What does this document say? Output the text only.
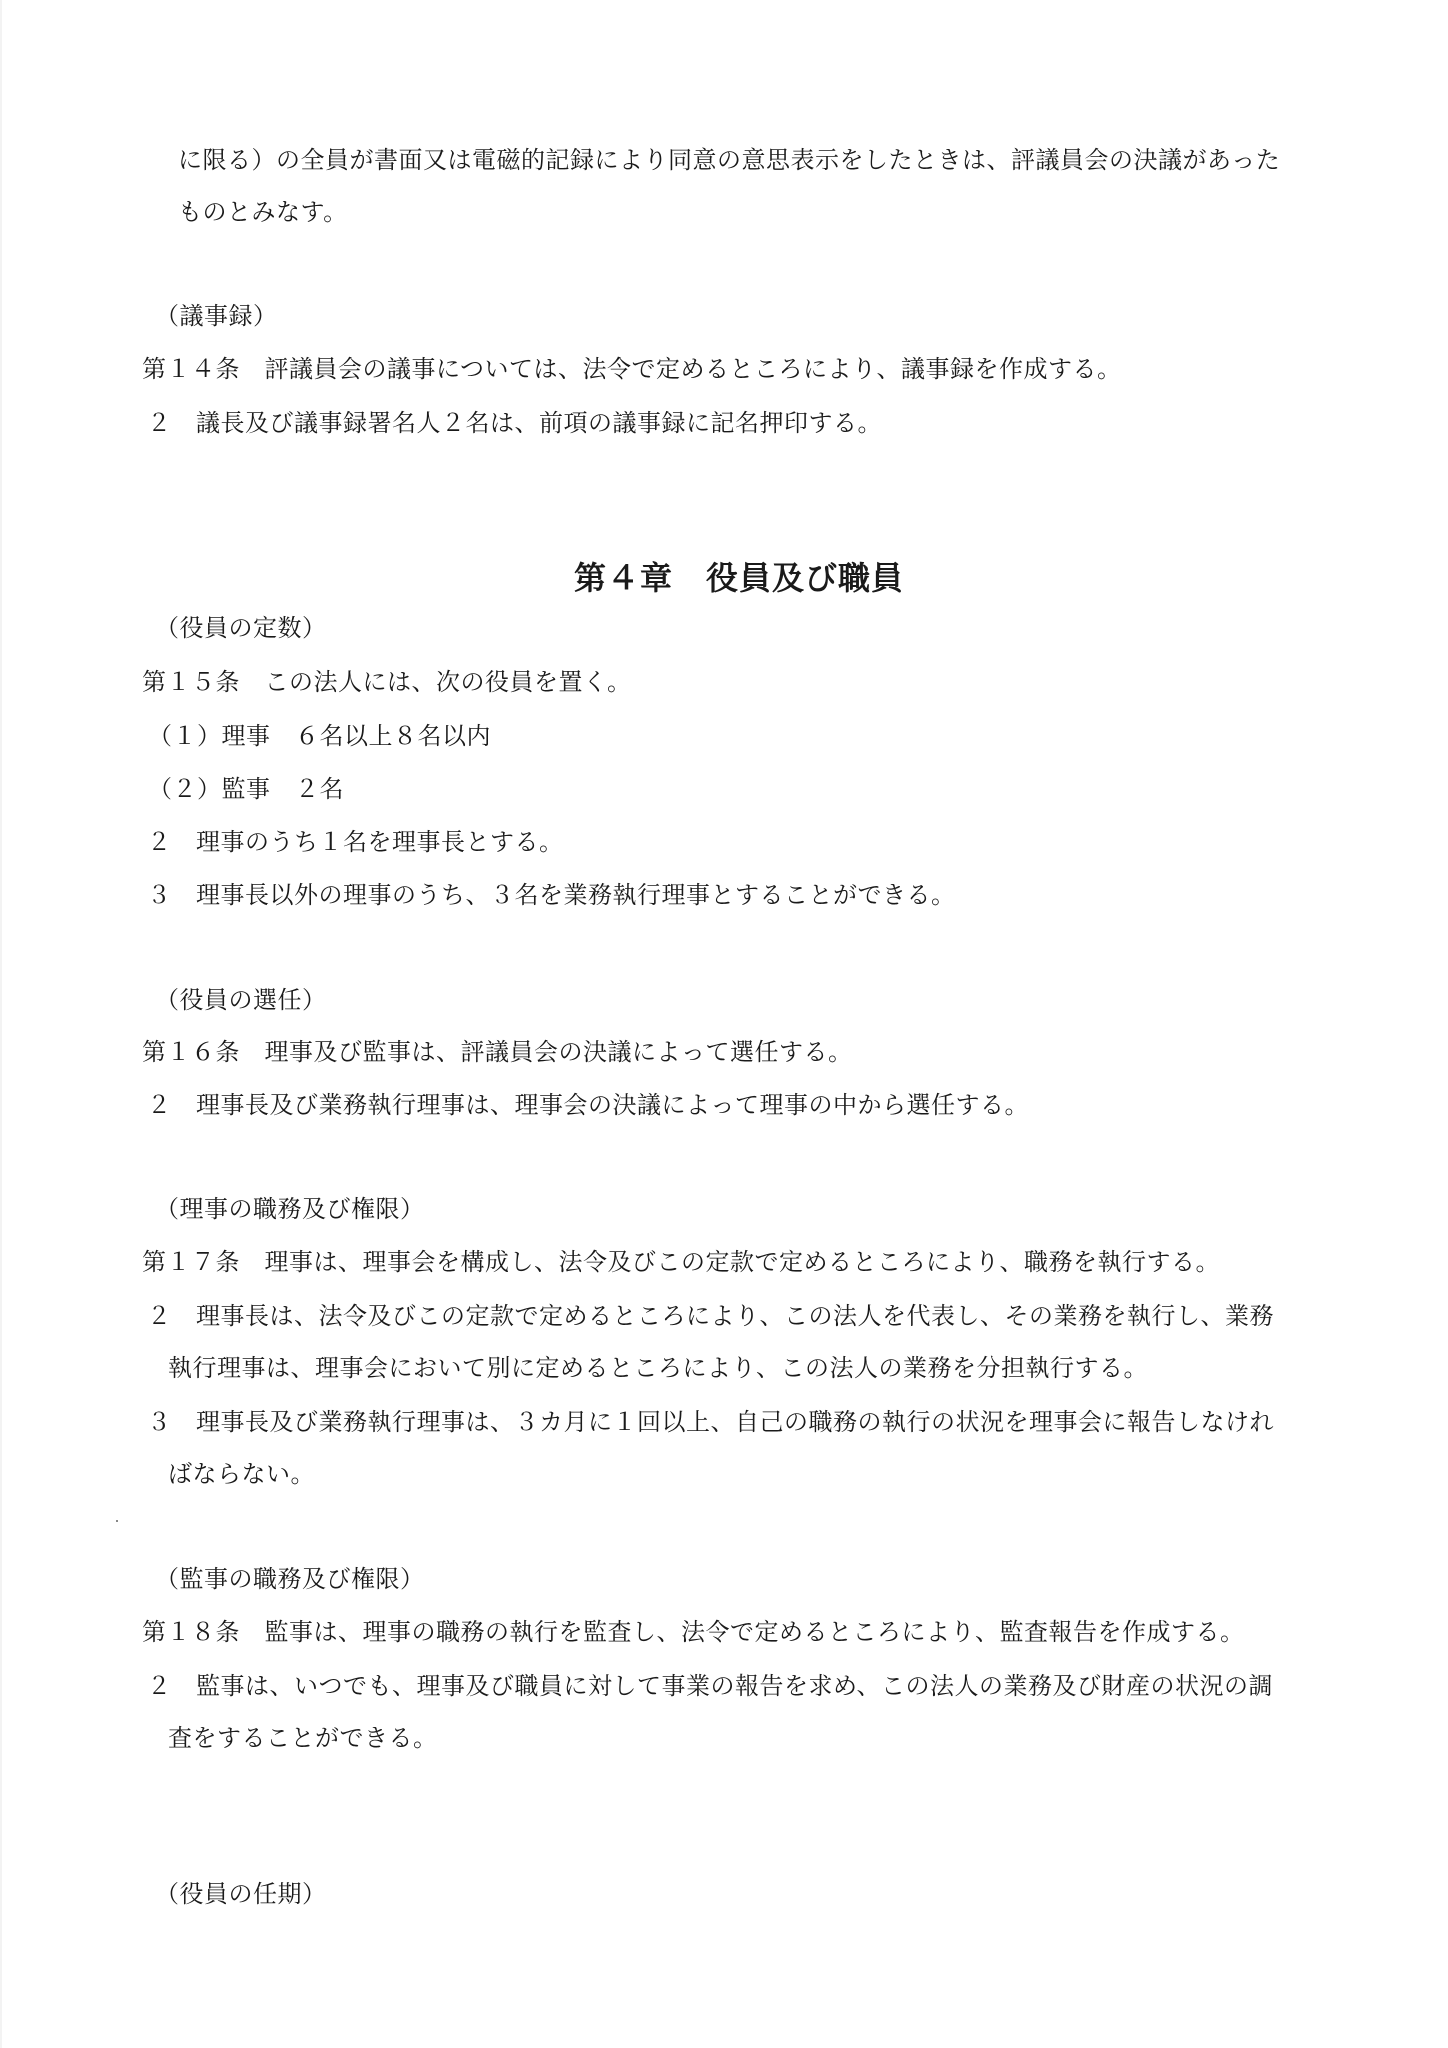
に限る）の全員が書面又は電磁的記録により同意の意思表示をしたときは、評議員会の決議があった
ものとみなす。
（議事録）
第１４条　評議員会の議事については、法令で定めるところにより、議事録を作成する。
２　議長及び議事録署名人２名は、前項の議事録に記名押印する。
第４章　役員及び職員
（役員の定数）
第１５条　この法人には、次の役員を置く。
（１）理事　６名以上８名以内
（２）監事　２名
２　理事のうち１名を理事長とする。
３　理事長以外の理事のうち、３名を業務執行理事とすることができる。
（役員の選任）
第１６条　理事及び監事は、評議員会の決議によって選任する。
２　理事長及び業務執行理事は、理事会の決議によって理事の中から選任する。
（理事の職務及び権限）
第１７条　理事は、理事会を構成し、法令及びこの定款で定めるところにより、職務を執行する。
２　理事長は、法令及びこの定款で定めるところにより、この法人を代表し、その業務を執行し、業務
執行理事は、理事会において別に定めるところにより、この法人の業務を分担執行する。
３　理事長及び業務執行理事は、３カ月に１回以上、自己の職務の執行の状況を理事会に報告しなけれ
ばならない。
（監事の職務及び権限）
第１８条　監事は、理事の職務の執行を監査し、法令で定めるところにより、監査報告を作成する。
２　監事は、いつでも、理事及び職員に対して事業の報告を求め、この法人の業務及び財産の状況の調
査をすることができる。
（役員の任期）
